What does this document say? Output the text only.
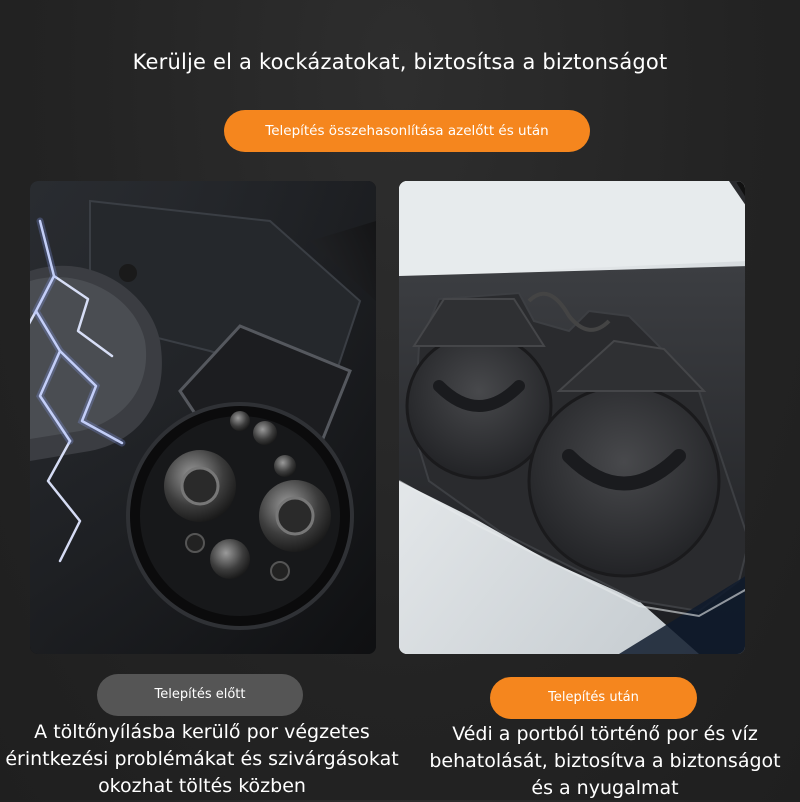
Kerülje el a kockázatokat, biztosítsa a biztonságot
Telepítés összehasonlítása azelőtt és után
Telepítés előtt	Telepítés után
A töltőnyílásba kerülő por végzetes érintkezési problémákat és szivárgásokat okozhat töltés közben
Védi a portból történő por és víz behatolását, biztosítva a biztonságot és a nyugalmat
